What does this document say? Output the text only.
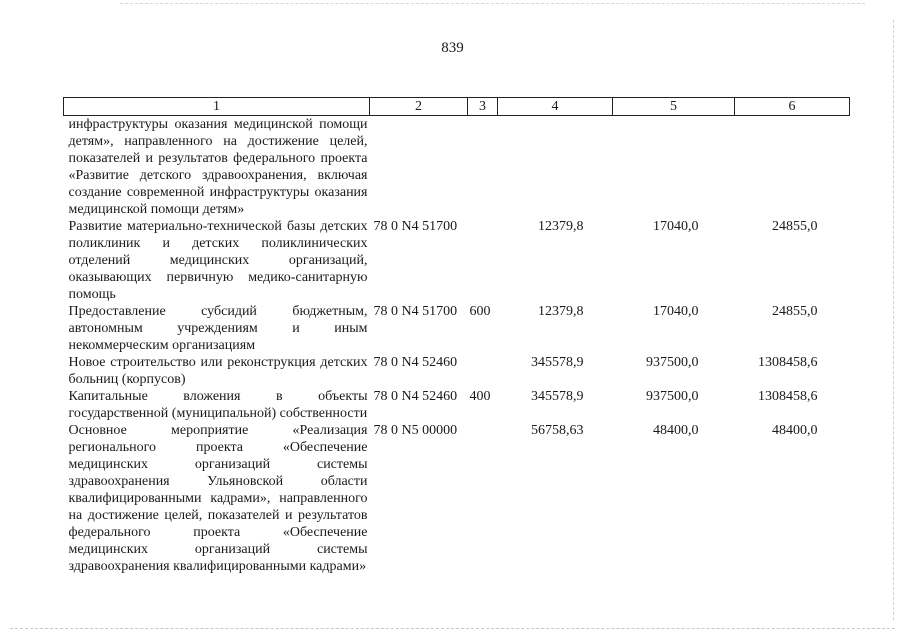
839
1	2	3	4	5	6
инфраструктуры оказания медицинской помощи детям», направленного на достижение целей, показателей и результатов федерального проекта «Развитие детского здравоохранения, включая создание современной инфраструктуры оказания медицинской помощи детям»					
Развитие материально-технической базы детских поликлиник и детских поликлинических отделений медицинских организаций, оказывающих первичную медико-санитарную помощь	78 0 N4 51700		12379,8	17040,0	24855,0
Предоставление субсидий бюджетным, автономным учреждениям и иным некоммерческим организациям	78 0 N4 51700	600	12379,8	17040,0	24855,0
Новое строительство или реконструкция детских больниц (корпусов)	78 0 N4 52460		345578,9	937500,0	1308458,6
Капитальные вложения в объекты государственной (муниципальной) собственности	78 0 N4 52460	400	345578,9	937500,0	1308458,6
Основное мероприятие «Реализация регионального проекта «Обеспечение медицинских организаций системы здравоохранения Ульяновской области квалифицированными кадрами», направленного на достижение целей, показателей и результатов федерального проекта «Обеспечение медицинских организаций системы здравоохранения квалифицированными кадрами»	78 0 N5 00000		56758,63	48400,0	48400,0
